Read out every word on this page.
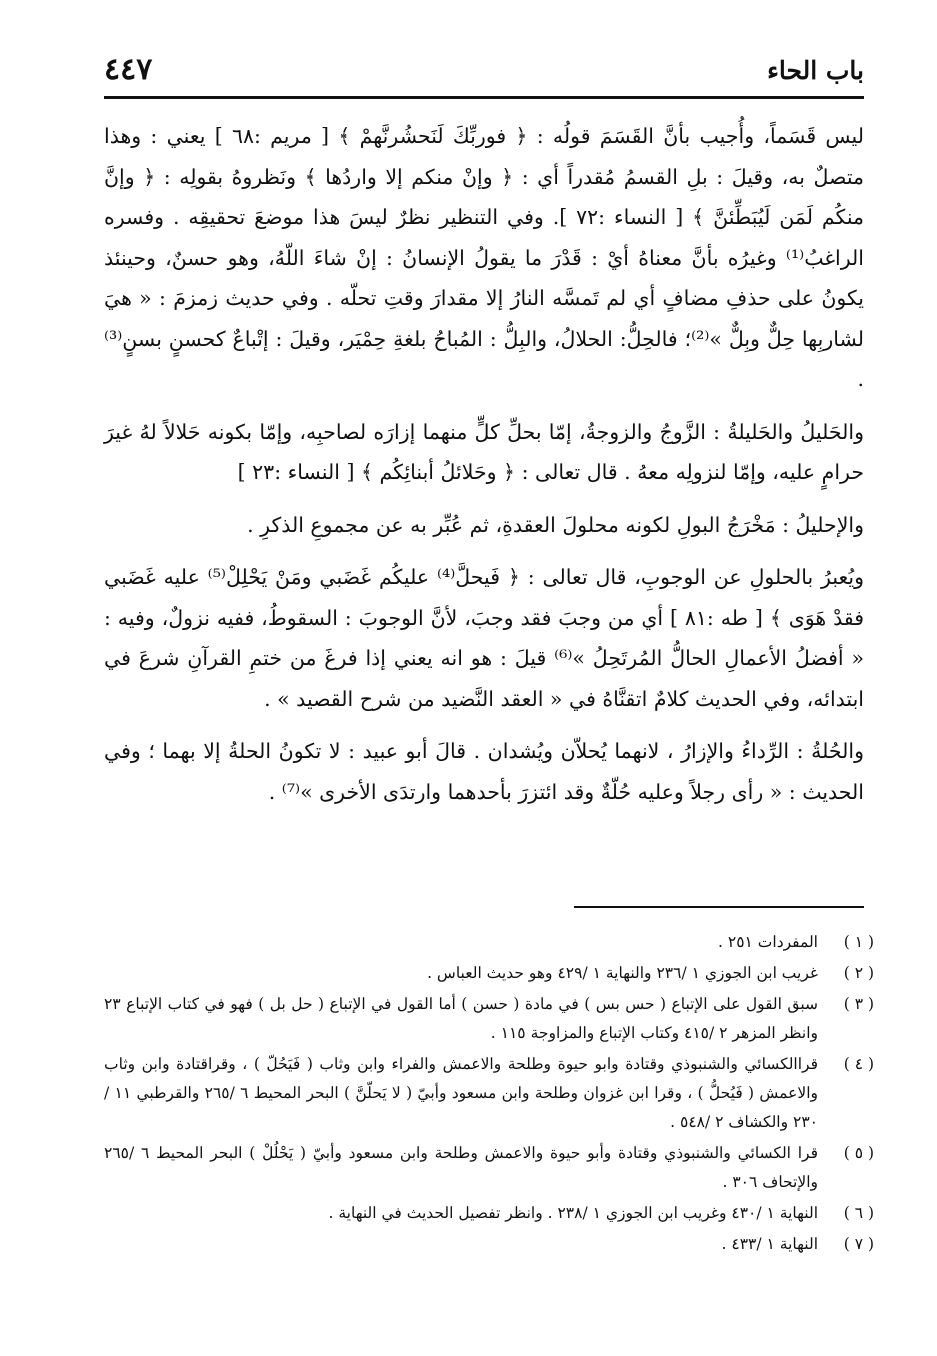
باب الحاء
٤٤٧

ليس قَسَماً، وأُجيب بأنَّ القَسَمَ قولُه : ﴿ فوربِّكَ لَنَحشُرنَّهمْ ﴾ [ مريم :٦٨ ] يعني : وهذا متصلٌ به، وقيلَ : بلِ القسمُ مُقدراً أي : ﴿ وإنْ منكم إلا واردُها ﴾ ونَظروهُ بقولِه : ﴿ وإنَّ منكُم لَمَن لَيُبَطِّئنَّ ﴾ [ النساء :٧٢ ]. وفي التنظير نظرٌ ليسَ هذا موضعَ تحقيقِه . وفسره الراغبُ⁽¹⁾ وغيرُه بأنَّ معناهُ أيْ : قَدْرَ ما يقولُ الإنسانُ : إنْ شاءَ اللّهُ، وهو حسنٌ، وحينئذ يكونُ على حذفِ مضافٍ أي لم تَمسَّه النارُ إلا مقدارَ وقتِ تحلّه . وفي حديث زمزمَ : « هيَ لشاربِها حِلٌّ وبِلٌّ »⁽²⁾؛ فالحِلُّ: الحلالُ، والبِلُّ : المُباحُ بلغةِ حِمْيَر، وقيلَ : إتْباعٌ كحسنٍ بسنٍ⁽³⁾ .

والحَليلُ والحَليلةُ : الزَّوجُ والزوجةُ، إمّا بحلِّ كلٍّ منهما إزارَه لصاحبِه، وإمّا بكونه حَلالاً لهُ غيرَ حرامٍ عليه، وإمّا لنزولِه معهُ . قال تعالى : ﴿ وحَلائلُ أبنائِكُم ﴾ [ النساء :٢٣ ]

والإحليلُ : مَخْرَجُ البولِ لكونه محلولَ العقدةِ، ثم عُبِّر به عن مجموعِ الذكرِ .

ويُعبرُ بالحلولِ عن الوجوبِ، قال تعالى : ﴿ فَيحلَّ⁽⁴⁾ عليكُم غَضَبي ومَنْ يَحْلِلْ⁽⁵⁾ عليه غَضَبي فقدْ هَوَى ﴾ [ طه :٨١ ] أي من وجبَ فقد وجبَ، لأنَّ الوجوبَ : السقوطُ، ففيه نزولٌ، وفيه : « أفضلُ الأعمالِ الحالُّ المُرتَحِلُ »⁽⁶⁾ قيلَ : هو انه يعني إذا فرغَ من ختمِ القرآنِ شرعَ في ابتدائه، وفي الحديث كلامٌ اتقنَّاهُ في « العقد النَّضيد من شرح القصيد » .

والحُلةُ : الرِّداءُ والإزارُ ، لانهما يُحلاّن ويُشدان . قالَ أبو عبيد : لا تكونُ الحلةُ إلا بهما ؛ وفي الحديث : « رأى رجلاً وعليه حُلّةٌ وقد ائتزرَ بأحدهما وارتدَى الأخرى »⁽⁷⁾ .

( ١ )
المفردات ٢٥١ .
( ٢ )
غريب ابن الجوزي ١ /٢٣٦ والنهاية ١ /٤٢٩ وهو حديث العباس .
( ٣ )
سبق القول على الإتباع ( حس بس ) في مادة ( حسن ) أما القول في الإتباع ( حل بل ) فهو في كتاب الإتباع ٢٣ وانظر المزهر ٢ /٤١٥ وكتاب الإتباع والمزاوجة ١١٥ .
( ٤ )
قراالكسائي والشنبوذي وقتادة وابو حيوة وطلحة والاعمش والفراء وابن وثاب ( فَيَحُلّ ) ، وقراقتادة وابن وثاب والاعمش ( فَيُحلُّ ) ، وقرا ابن غزوان وطلحة وابن مسعود وأبيّ ( لا يَحلّنَّ ) البحر المحيط ٦ /٢٦٥ والقرطبي ١١ /٢٣٠ والكشاف ٢ /٥٤٨ .
( ٥ )
قرا الكسائي والشنبوذي وقتادة وأبو حيوة والاعمش وطلحة وابن مسعود وأبيّ ( يَحْلُلْ ) البحر المحيط ٦ /٢٦٥ والإتحاف ٣٠٦ .
( ٦ )
النهاية ١ /٤٣٠ وغريب ابن الجوزي ١ /٢٣٨ . وانظر تفصيل الحديث في النهاية .
( ٧ )
النهاية ١ /٤٣٣ .
